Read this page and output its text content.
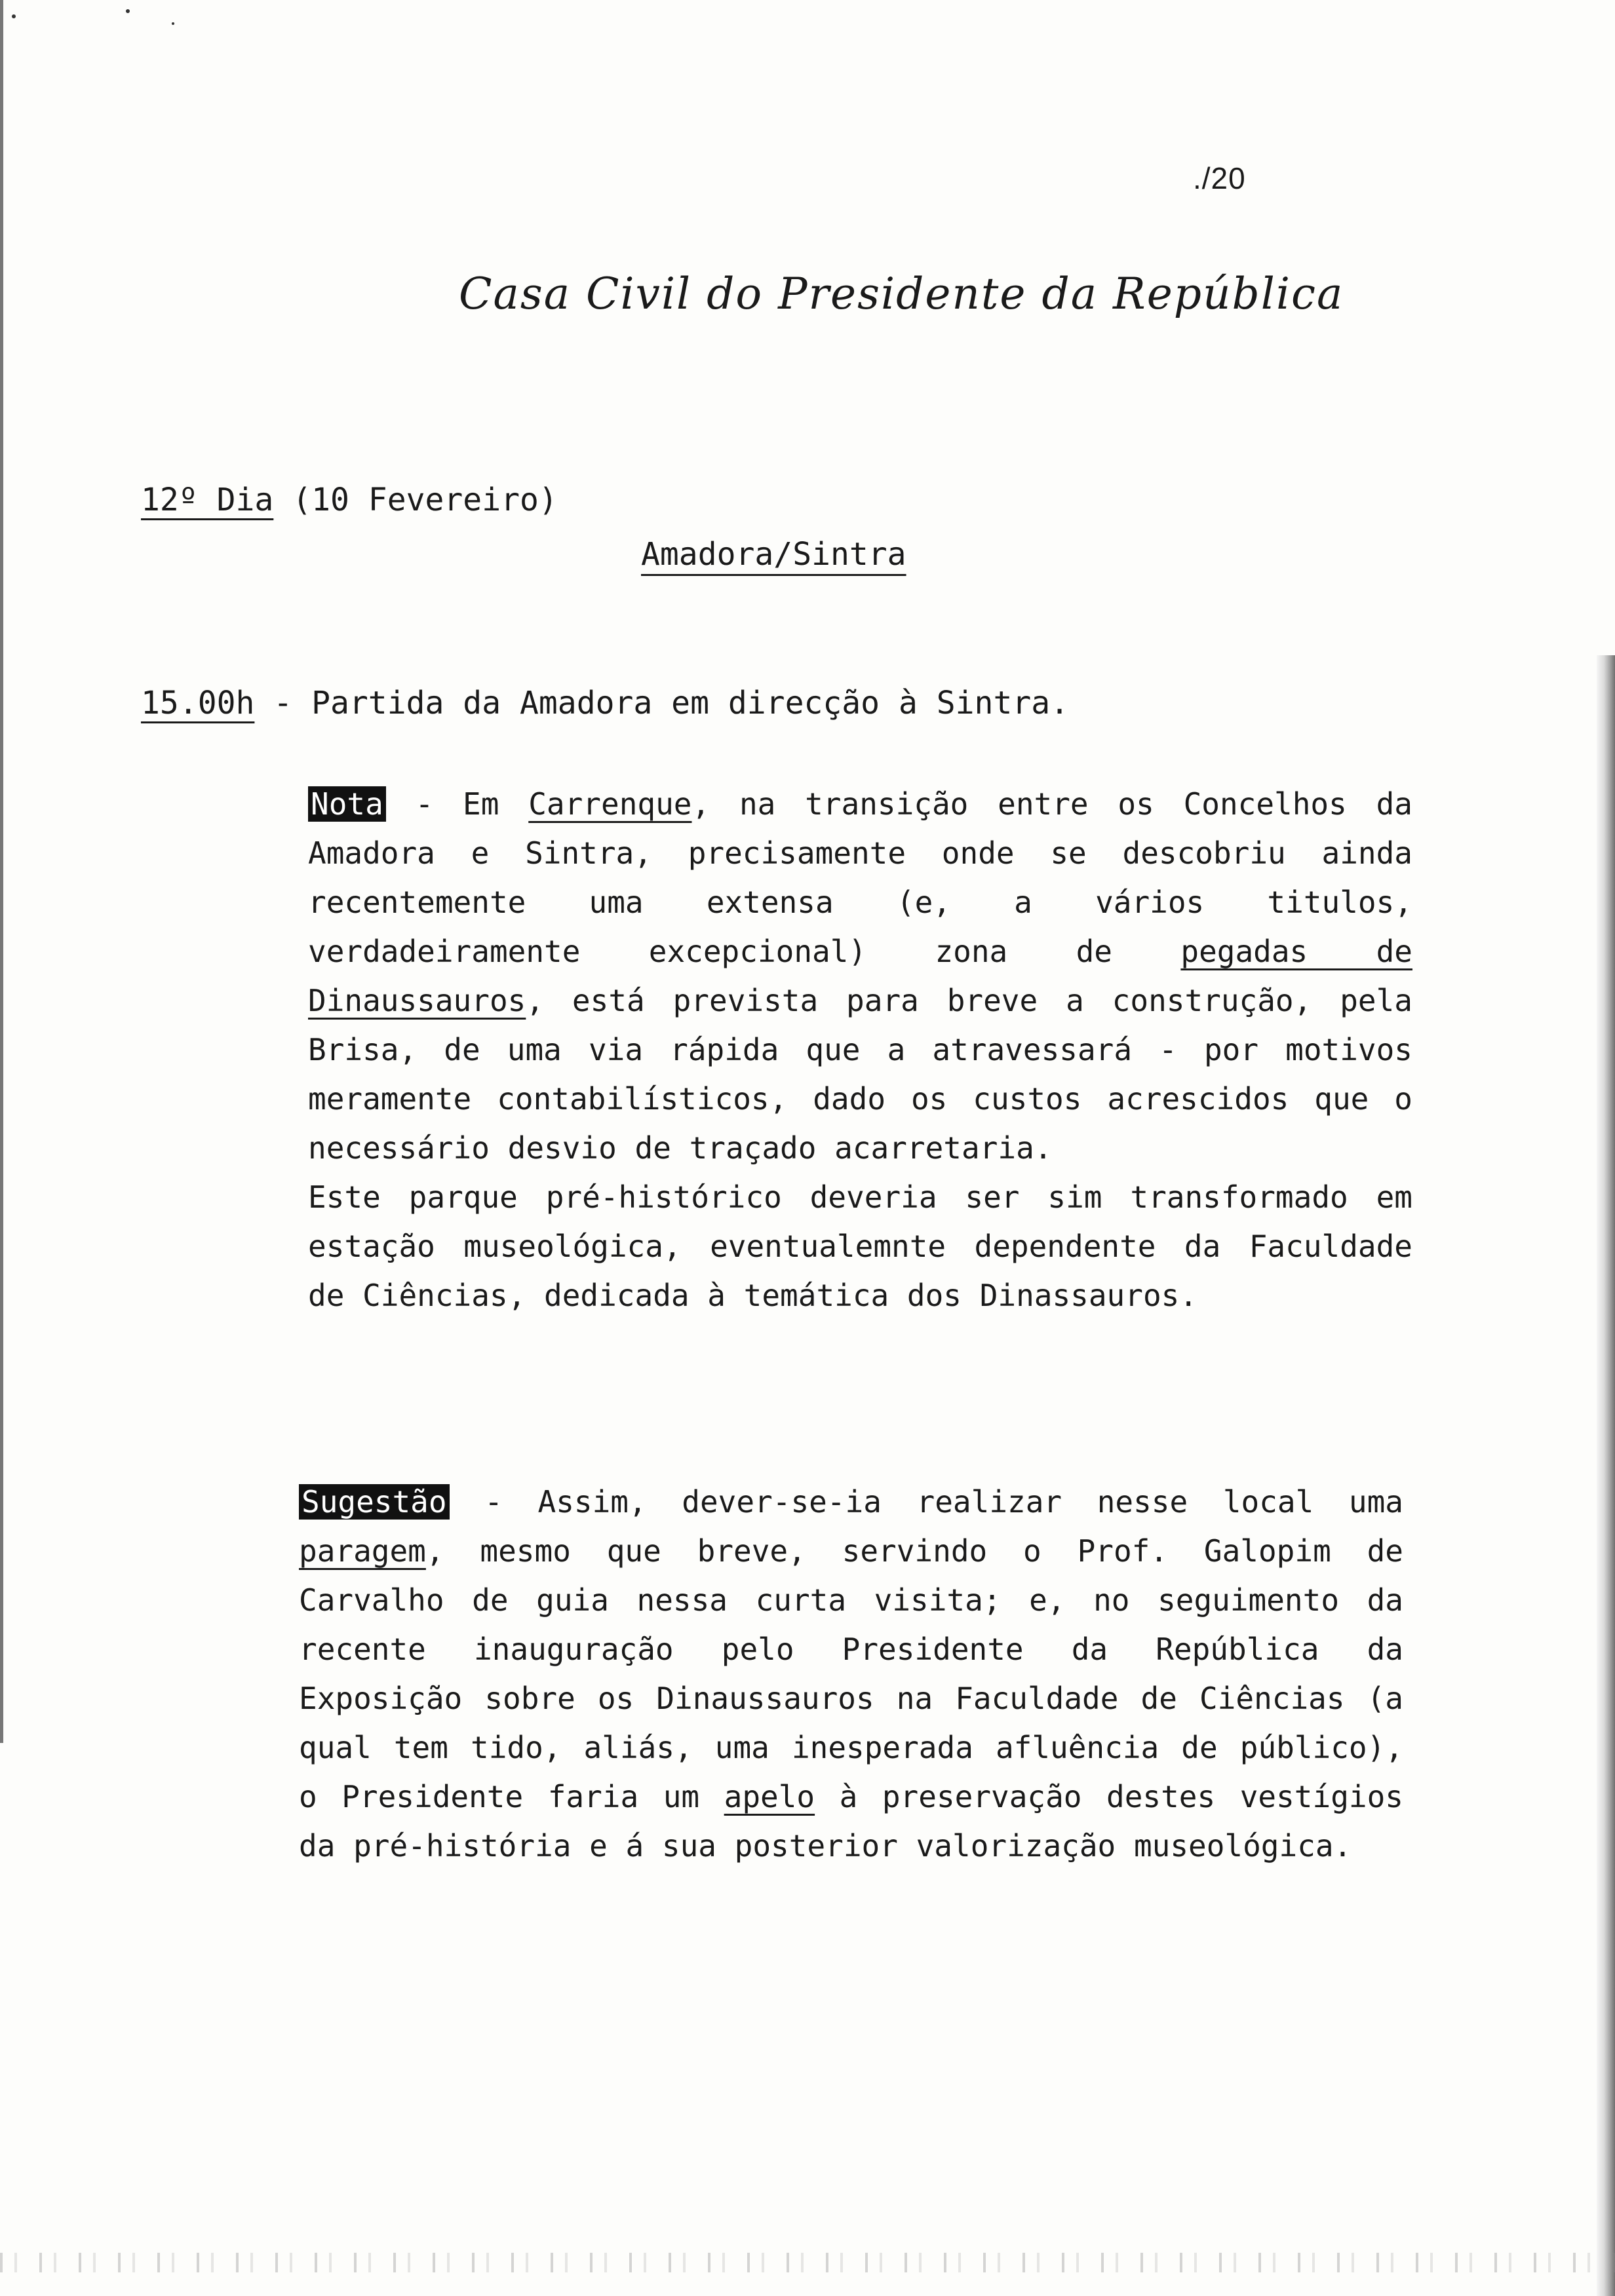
./20
Casa Civil do Presidente da República
12º Dia (10 Fevereiro)
Amadora/Sintra
15.00h - Partida da Amadora em direcção à Sintra.

Nota - Em Carrenque, na transição entre os Concelhos da Amadora e Sintra, precisamente onde se descobriu ainda recentemente uma extensa (e, a vários titulos, verdadeiramente excepcional) zona de pegadas de Dinaussauros, está prevista para breve a construção, pela Brisa, de uma via rápida que a atravessará - por motivos meramente contabilísticos, dado os custos acrescidos que o necessário desvio de traçado acarretaria.

Este parque pré-histórico deveria ser sim transformado em estação museológica, eventualemnte dependente da Faculdade de Ciências, dedicada à temática dos Dinassauros.

Sugestão - Assim, dever-se-ia realizar nesse local uma paragem, mesmo que breve, servindo o Prof. Galopim de Carvalho de guia nessa curta visita; e, no seguimento da recente inauguração pelo Presidente da República da Exposição sobre os Dinaussauros na Faculdade de Ciências (a qual tem tido, aliás, uma inesperada afluência de público), o Presidente faria um apelo à preservação destes vestígios da pré-história e á sua posterior valorização museológica.
